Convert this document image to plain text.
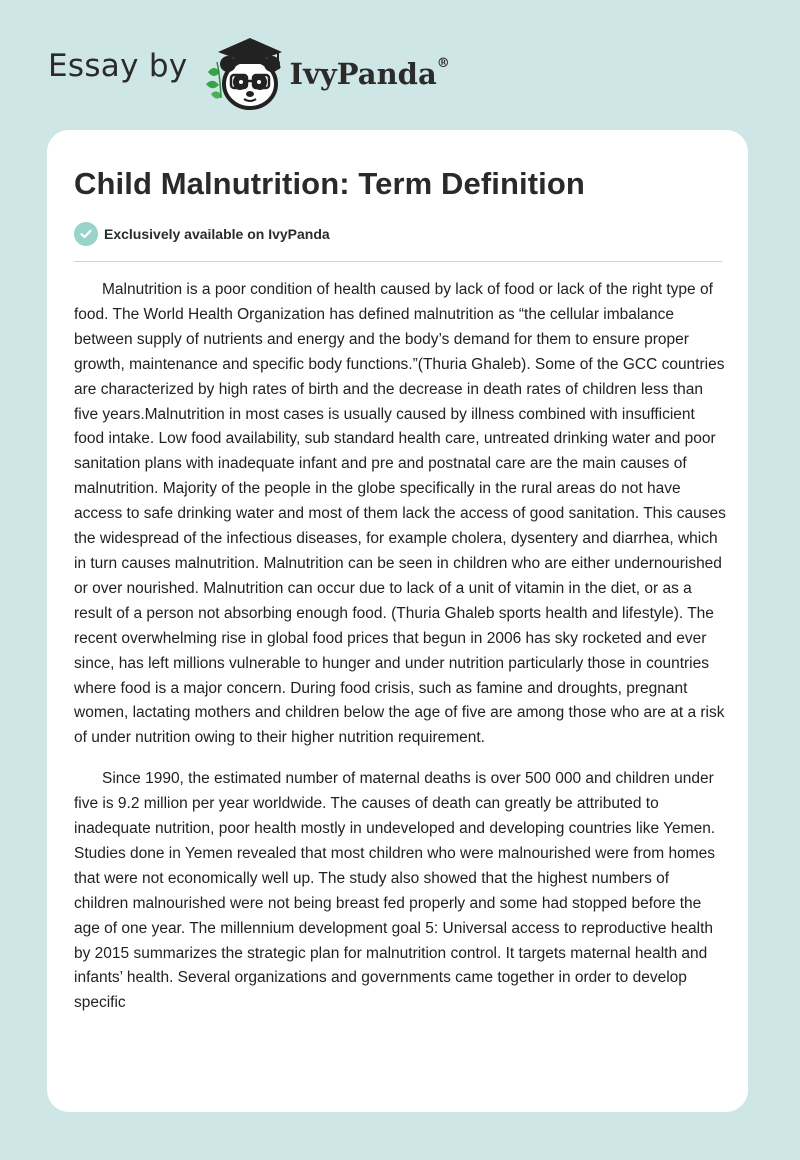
Essay by	IvyPanda®
Child Malnutrition: Term Definition
Exclusively available on IvyPanda

Malnutrition is a poor condition of health caused by lack of food or lack of the right type of food. The World Health Organization has defined malnutrition as “the cellular imbalance between supply of nutrients and energy and the body’s demand for them to ensure proper growth, maintenance and specific body functions.”(Thuria Ghaleb). Some of the GCC countries are characterized by high rates of birth and the decrease in death rates of children less than five years.Malnutrition in most cases is usually caused by illness combined with insufficient food intake. Low food availability, sub standard health care, untreated drinking water and poor sanitation plans with inadequate infant and pre and postnatal care are the main causes of malnutrition. Majority of the people in the globe specifically in the rural areas do not have access to safe drinking water and most of them lack the access of good sanitation. This causes the widespread of the infectious diseases, for example cholera, dysentery and diarrhea, which in turn causes malnutrition. Malnutrition can be seen in children who are either undernourished or over nourished. Malnutrition can occur due to lack of a unit of vitamin in the diet, or as a result of a person not absorbing enough food. (Thuria Ghaleb sports health and lifestyle). The recent overwhelming rise in global food prices that begun in 2006 has sky rocketed and ever since, has left millions vulnerable to hunger and under nutrition particularly those in countries where food is a major concern. During food crisis, such as famine and droughts, pregnant women, lactating mothers and children below the age of five are among those who are at a risk of under nutrition owing to their higher nutrition requirement.

Since 1990, the estimated number of maternal deaths is over 500 000 and children under five is 9.2 million per year worldwide. The causes of death can greatly be attributed to inadequate nutrition, poor health mostly in undeveloped and developing countries like Yemen. Studies done in Yemen revealed that most children who were malnourished were from homes that were not economically well up. The study also showed that the highest numbers of children malnourished were not being breast fed properly and some had stopped before the age of one year. The millennium development goal 5: Universal access to reproductive health by 2015 summarizes the strategic plan for malnutrition control. It targets maternal health and infants’ health. Several organizations and governments came together in order to develop specific
